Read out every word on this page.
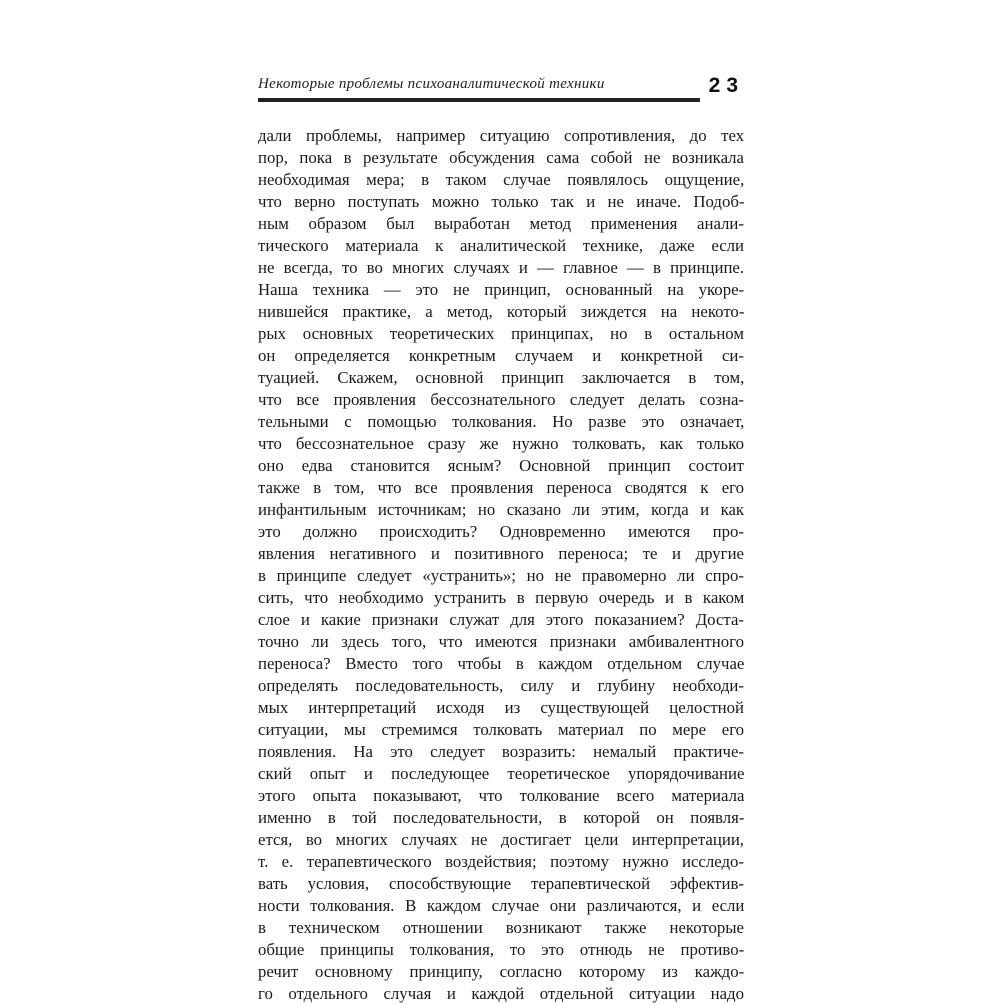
Некоторые проблемы психоаналитической техники	23
дали проблемы, например ситуацию сопротивления, до тех
пор, пока в результате обсуждения сама собой не возникала
необходимая мера; в таком случае появлялось ощущение,
что верно поступать можно только так и не иначе. Подоб-
ным образом был выработан метод применения анали-
тического материала к аналитической технике, даже если
не всегда, то во многих случаях и — главное — в принципе.
Наша техника — это не принцип, основанный на укоре-
нившейся практике, а метод, который зиждется на некото-
рых основных теоретических принципах, но в остальном
он определяется конкретным случаем и конкретной си-
туацией. Скажем, основной принцип заключается в том,
что все проявления бессознательного следует делать созна-
тельными с помощью толкования. Но разве это означает,
что бессознательное сразу же нужно толковать, как только
оно едва становится ясным? Основной принцип состоит
также в том, что все проявления переноса сводятся к его
инфантильным источникам; но сказано ли этим, когда и как
это должно происходить? Одновременно имеются про-
явления негативного и позитивного переноса; те и другие
в принципе следует «устранить»; но не правомерно ли спро-
сить, что необходимо устранить в первую очередь и в каком
слое и какие признаки служат для этого показанием? Доста-
точно ли здесь того, что имеются признаки амбивалентного
переноса? Вместо того чтобы в каждом отдельном случае
определять последовательность, силу и глубину необходи-
мых интерпретаций исходя из существующей целостной
ситуации, мы стремимся толковать материал по мере его
появления. На это следует возразить: немалый практиче-
ский опыт и последующее теоретическое упорядочивание
этого опыта показывают, что толкование всего материала
именно в той последовательности, в которой он появля-
ется, во многих случаях не достигает цели интерпретации,
т. е. терапевтического воздействия; поэтому нужно исследо-
вать условия, способствующие терапевтической эффектив-
ности толкования. В каждом случае они различаются, и если
в техническом отношении возникают также некоторые
общие принципы толкования, то это отнюдь не противо-
речит основному принципу, согласно которому из каждо-
го отдельного случая и каждой отдельной ситуации надо
